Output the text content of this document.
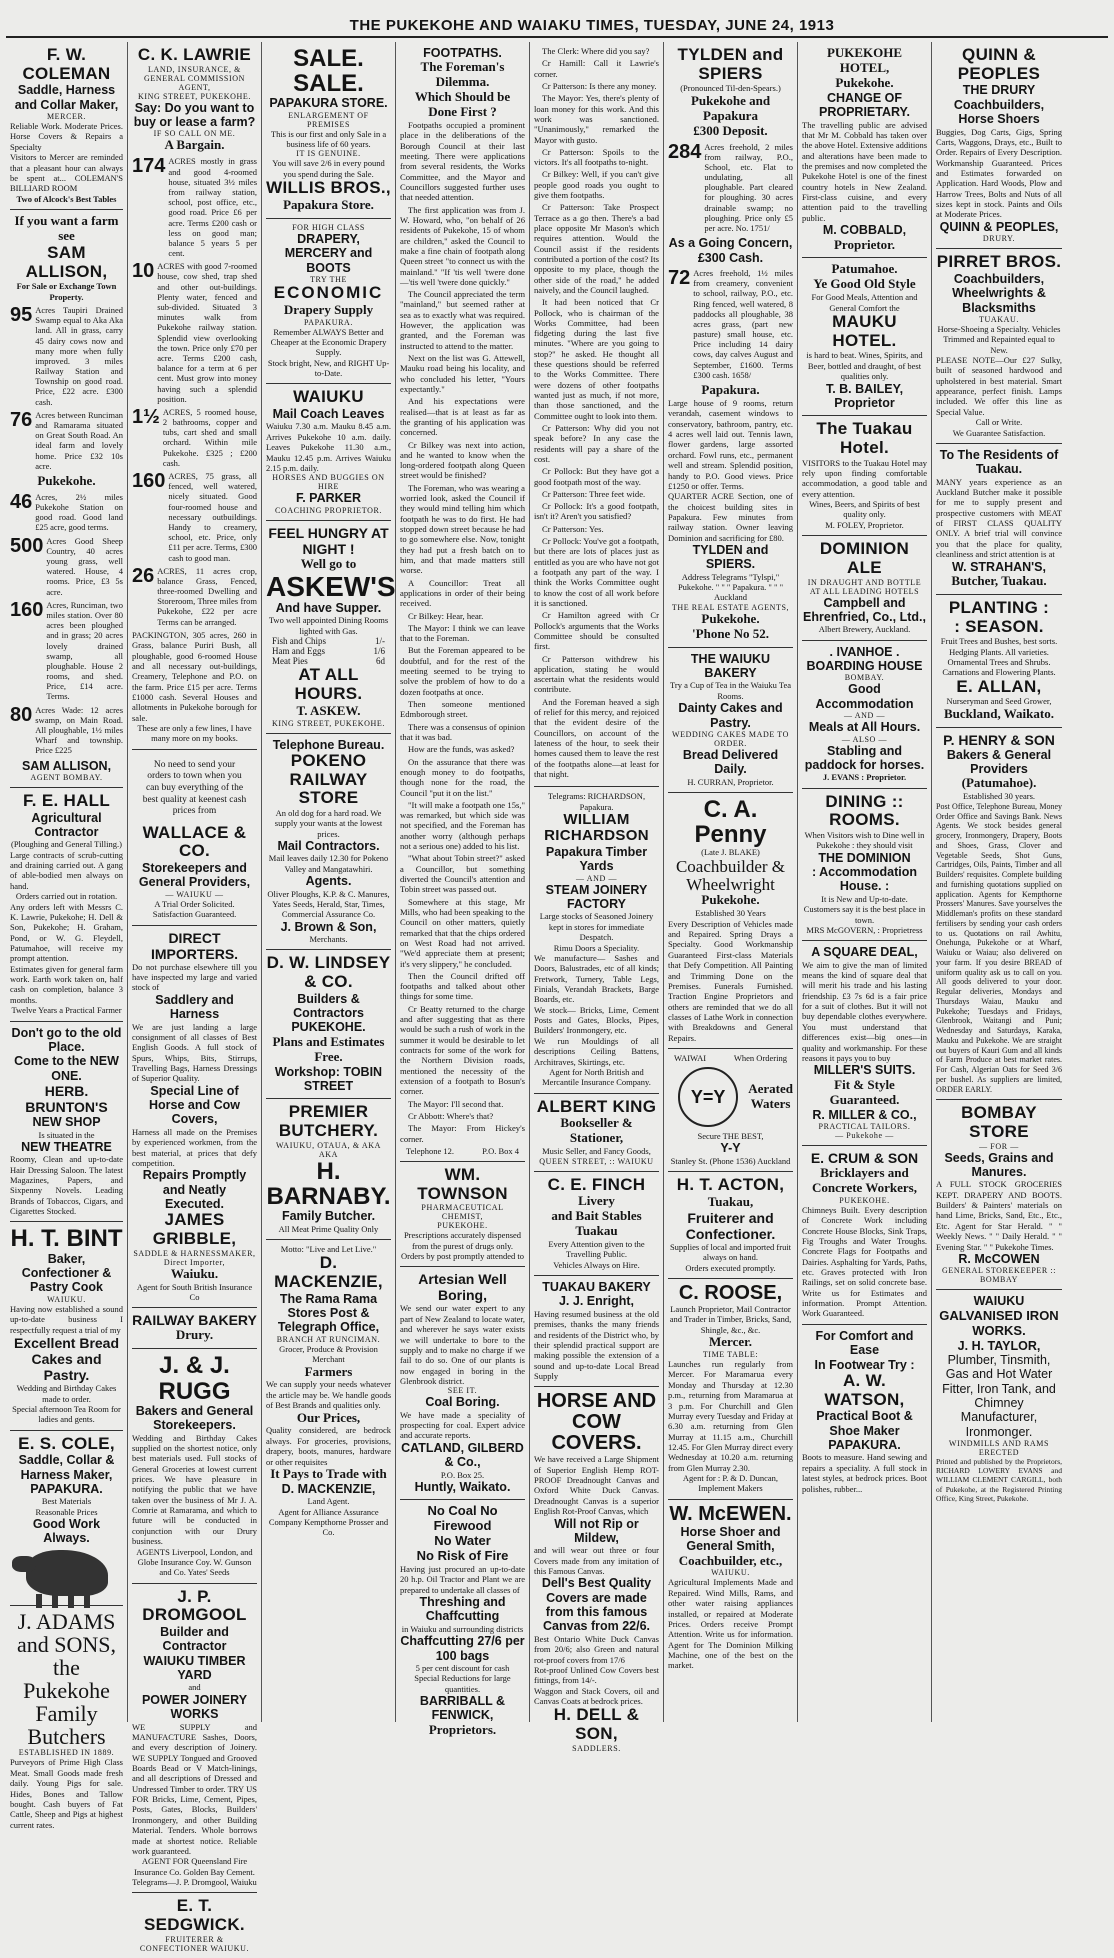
THE PUKEKOHE AND WAIAKU TIMES, TUESDAY, JUNE 24, 1913
F. W. COLEMAN
Saddle, Harness and Collar Maker,
MERCER.
Reliable Work. Moderate Prices. Horse Covers & Repairs a Specialty
Visitors to Mercer are reminded that a pleasant hour can always be spent at... COLEMAN'S BILLIARD ROOM
Two of Alcock's Best Tables
If you want a farm see
SAM ALLISON,
For Sale or Exchange Town Property.
95 Acres Taupiri Drained Swamp equal to Aka Aka land. All in grass, carry 45 dairy cows now and many more when fully improved. 3 miles Railway Station and Township on good road. Price, £22 acre. £300 cash.
76 Acres between Runciman and Ramarama situated on Great South Road. An ideal farm and lovely home. Price £32 10s acre.
Pukekohe.
46 Acres, 2½ miles Pukekohe Station on good road. Good land £25 acre, good terms.
500 Acres Good Sheep Country, 40 acres young grass, well watered. House, 4 rooms. Price, £3 5s acre.
160 Acres, Runciman, two miles station. Over 80 acres been ploughed and in grass; 20 acres lovely drained swamp, all ploughable. House 2 rooms, and shed. Price, £14 acre. Terms.
80 Acres Wade: 12 acres swamp, on Main Road. All ploughable, 1½ miles Wharf and township. Price £225
SAM ALLISON,
AGENT BOMBAY.
F. E. HALL
Agricultural Contractor
(Ploughing and General Tilling.)
Large contracts of scrub-cutting and draining carried out. A gang of able-bodied men always on hand.
Orders carried out in rotation.
Any orders left with Messrs C. K. Lawrie, Pukekohe; H. Dell & Son, Pukekohe; H. Graham, Pond, or W. G. Fleydell, Patumahoe, will receive my prompt attention.
Estimates given for general farm work. Earth work taken on, half cash on completion, balance 3 months.
Twelve Years a Practical Farmer
Don't go to the old Place.
Come to the NEW ONE.
HERB. BRUNTON'S
NEW SHOP
Is situated in the
NEW THEATRE
Roomy, Clean and up-to-date Hair Dressing Saloon. The latest Magazines, Papers, and Sixpenny Novels. Leading Brands of Tobaccos, Cigars, and Cigarettes Stocked.
H. T. BINT
Baker, Confectioner & Pastry Cook
WAIUKU.
Having now established a sound up-to-date business I respectfully request a trial of my
Excellent Bread Cakes and Pastry.
Wedding and Birthday Cakes made to order.
Special afternoon Tea Room for ladies and gents.
E. S. COLE,
Saddle, Collar & Harness Maker,
PAPAKURA.
Best Materials
Reasonable Prices
Good Work Always.
J. ADAMS
and SONS,
the Pukekohe
Family Butchers
ESTABLISHED IN 1889.
Purveyors of Prime High Class Meat. Small Goods made fresh daily. Young Pigs for sale. Hides, Bones and Tallow bought. Cash buyers of Fat Cattle, Sheep and Pigs at highest current rates.
C. K. LAWRIE
LAND, INSURANCE, & GENERAL COMMISSION AGENT,
KING STREET, PUKEKOHE.
Say: Do you want to buy or lease a farm?
IF SO CALL ON ME.
A Bargain.
174 ACRES mostly in grass and good 4-roomed house, situated 3½ miles from railway station, school, post office, etc., good road. Price £6 per acre. Terms £200 cash or less on good man; balance 5 years 5 per cent.
10 ACRES with good 7-roomed house, cow shed, trap shed and other out-buildings. Plenty water, fenced and sub-divided. Situated 3 minutes walk from Pukekohe railway station. Splendid view overlooking the town. Price only £70 per acre. Terms £200 cash, balance for a term at 6 per cent. Must grow into money having such a splendid position.
1½ ACRES, 5 roomed house, 2 bathrooms, copper and tubs, cart shed and small orchard. Within mile Pukekohe. £325 ; £200 cash.
160 ACRES, 75 grass, all fenced, well watered, nicely situated. Good four-roomed house and necessary outbuildings. Handy to creamery, school, etc. Price, only £11 per acre. Terms, £300 cash to good man.
26 ACRES, 11 acres crop, balance Grass, Fenced, three-roomed Dwelling and Storeroom, Three miles from Pukekohe, £22 per acre Terms can be arranged.
PACKINGTON, 305 acres, 260 in Grass, balance Puriri Bush, all ploughable, good 6-roomed House and all necessary out-buildings, Creamery, Telephone and P.O. on the farm. Price £15 per acre. Terms £1000 cash. Several Houses and allotments in Pukekohe borough for sale.
These are only a few lines, I have many more on my books.
No need to send your orders to town when you can buy everything of the best quality at keenest cash prices from
WALLACE & CO.
Storekeepers and General Providers,
— WAIUKU —
A Trial Order Solicited.
Satisfaction Guaranteed.
DIRECT IMPORTERS.
Do not purchase elsewhere till you have inspected my large and varied stock of
Saddlery and Harness
We are just landing a large consignment of all classes of Best English Goods. A full stock of Spurs, Whips, Bits, Stirrups, Travelling Bags, Harness Dressings of Superior Quality.
Special Line of Horse and Cow Covers,
Harness all made on the Premises by experienced workmen, from the best material, at prices that defy competition.
Repairs Promptly and Neatly Executed.
JAMES GRIBBLE,
SADDLE & HARNESSMAKER, Direct Importer,
Waiuku.
Agent for South British Insurance Co
RAILWAY BAKERY
Drury.
J. & J. RUGG
Bakers and General Storekeepers.
Wedding and Birthday Cakes supplied on the shortest notice, only best materials used. Full stocks of General Groceries at lowest current prices. We have pleasure in notifying the public that we have taken over the business of Mr J. A. Comrie at Ramarama, and which to future will be conducted in conjunction with our Drury business.
AGENTS Liverpool, London, and Globe Insurance Coy. W. Gunson and Co. Yates' Seeds
J. P. DROMGOOL
Builder and Contractor
WAIUKU TIMBER YARD
and
POWER JOINERY WORKS
WE SUPPLY and MANUFACTURE Sashes, Doors, and every description of Joinery. WE SUPPLY Tongued and Grooved Boards Bead or V Match-linings, and all descriptions of Dressed and Undressed Timber to order. TRY US FOR Bricks, Lime, Cement, Pipes, Posts, Gates, Blocks, Builders' Ironmongery, and other Building Material. Tenders. Whole borrows made at shortest notice. Reliable work guaranteed.
AGENT FOR Queensland Fire Insurance Co. Golden Bay Cement.
Telegrams—J. P. Dromgool, Waiuku
E. T. SEDGWICK.
FRUITERER & CONFECTIONER WAIUKU.
SALE. SALE.
PAPAKURA STORE.
ENLARGEMENT OF PREMISES
This is our first and only Sale in a business life of 60 years.
IT IS GENUINE.
You will save 2/6 in every pound you spend during the Sale.
WILLIS BROS.,
Papakura Store.
FOR HIGH CLASS
DRAPERY, MERCERY and BOOTS
TRY THE
ECONOMIC
Drapery Supply
PAPAKURA.
Remember ALWAYS Better and Cheaper at the Economic Drapery Supply.
Stock bright, New, and RIGHT Up-to-Date.
WAIUKU
Mail Coach Leaves
Waiuku 7.30 a.m. Mauku 8.45 a.m. Arrives Pukekohe 10 a.m. daily. Leaves Pukekohe 11.30 a.m., Mauku 12.45 p.m. Arrives Waiuku 2.15 p.m. daily.
HORSES AND BUGGIES ON HIRE
F. PARKER
COACHING PROPRIETOR.
FEEL HUNGRY AT NIGHT !
Well go to
ASKEW'S
And have Supper.
Two well appointed Dining Rooms lighted with Gas.
Fish and Chips	1/-
Ham and Eggs	1/6
Meat Pies	6d
AT ALL HOURS.
T. ASKEW.
KING STREET, PUKEKOHE.
Telephone Bureau.
POKENO
RAILWAY STORE
An old dog for a hard road. We supply your wants at the lowest prices.
Mail Contractors.
Mail leaves daily 12.30 for Pokeno Valley and Mangatawhiri.
Agents.
Oliver Ploughs, K.P. & C. Manures, Yates Seeds, Herald, Star, Times, Commercial Assurance Co.
J. Brown & Son,
Merchants.
D. W. LINDSEY & CO.
Builders & Contractors
PUKEKOHE.
Plans and Estimates Free.
Workshop: TOBIN STREET
PREMIER BUTCHERY.
WAIUKU, OTAUA, & AKA AKA
H. BARNABY.
Family Butcher.
All Meat Prime Quality Only
Motto: "Live and Let Live."
D. MACKENZIE,
The Rama Rama Stores Post & Telegraph Office,
BRANCH AT RUNCIMAN.
Grocer, Produce & Provision Merchant
Farmers
We can supply your needs whatever the article may be. We handle goods of Best Brands and qualities only.
Our Prices,
Quality considered, are bedrock always. For groceries, provisions, drapery, boots, manures, hardware or other requisites
It Pays to Trade with
D. MACKENZIE,
Land Agent.
Agent for Alliance Assurance Company Kempthorne Prosser and Co.
FOOTPATHS.
The Foreman's Dilemma.
Which Should be Done First ?

Footpaths occupied a prominent place in the deliberations of the Borough Council at their last meeting. There were applications from several residents, the Works Committee, and the Mayor and Councillors suggested further uses that needed attention.

The first application was from J. W. Howard, who, "on behalf of 26 residents of Pukekohe, 15 of whom are children," asked the Council to make a fine chain of footpath along Queen street "to connect us with the mainland." "If 'tis well 'twere done—'tis well 'twere done quickly."

The Council appreciated the term "mainland," but seemed rather at sea as to exactly what was required. However, the application was granted, and the Foreman was instructed to attend to the matter.

Next on the list was G. Attewell, Mauku road being his locality, and who concluded his letter, "Yours expectantly."

And his expectations were realised—that is at least as far as the granting of his application was concerned.

Cr Bilkey was next into action, and he wanted to know when the long-ordered footpath along Queen street would be finished?

The Foreman, who was wearing a worried look, asked the Council if they would mind telling him which footpath he was to do first. He had stopped down street because he had to go somewhere else. Now, tonight they had put a fresh batch on to him, and that made matters still worse.

A Councillor: Treat all applications in order of their being received.

Cr Bilkey: Hear, hear.

The Mayor: I think we can leave that to the Foreman.

But the Foreman appeared to be doubtful, and for the rest of the meeting seemed to be trying to solve the problem of how to do a dozen footpaths at once.

Then someone mentioned Edmborough street.

There was a consensus of opinion that it was bad.

How are the funds, was asked?

On the assurance that there was enough money to do footpaths, though none for the road, the Council "put it on the list."

"It will make a footpath one 15s," was remarked, but which side was not specified, and the Foreman has another worry (although perhaps not a serious one) added to his list.

"What about Tobin street?" asked a Councillor, but something diverted the Council's attention and Tobin street was passed out.

Somewhere at this stage, Mr Mills, who had been speaking to the Council on other matters, quietly remarked that that the chips ordered on West Road had not arrived. "We'd appreciate them at present; it's very slippery," he concluded.

Then the Council drifted off footpaths and talked about other things for some time.

Cr Beatty returned to the charge and after suggesting that as there would be such a rush of work in the summer it would be desirable to let contracts for some of the work for the Northern Division roads, mentioned the necessity of the extension of a footpath to Bosun's corner.

The Mayor: I'll second that.

Cr Abbott: Where's that?

The Mayor: From Hickey's corner.

Telephone 12.	P.O. Box 4
WM. TOWNSON
PHARMACEUTICAL CHEMIST,
PUKEKOHE.
Prescriptions accurately dispensed from the purest of drugs only.
Orders by post promptly attended to
Artesian Well Boring,
We send our water expert to any part of New Zealand to locate water, and wherever he says water exists we will undertake to bore to the supply and to make no charge if we fail to do so. One of our plants is now engaged in boring in the Glenbrook district.
SEE IT.
Coal Boring.
We have made a speciality of prospecting for coal. Expert advice and accurate reports.
CATLAND, GILBERD & Co.,
P.O. Box 25.
Huntly, Waikato.
No Coal No Firewood
No Water
No Risk of Fire
Having just procured an up-to-date 20 h.p. Oil Tractor and Plant we are prepared to undertake all classes of
Threshing and Chaffcutting
in Waiuku and surrounding districts
Chaffcutting 27/6 per 100 bags
5 per cent discount for cash
Special Reductions for large quantities.
BARRIBALL & FENWICK,
Proprietors.

The Clerk: Where did you say?

Cr Hamill: Call it Lawrie's corner.

Cr Patterson: Is there any money.

The Mayor: Yes, there's plenty of loan money for this work. And this work was sanctioned. "Unanimously," remarked the Mayor with gusto.

Cr Patterson: Spoils to the victors. It's all footpaths to-night.

Cr Bilkey: Well, if you can't give people good roads you ought to give them footpaths.

Cr Patterson: Take Prospect Terrace as a go then. There's a bad place opposite Mr Mason's which requires attention. Would the Council assist if the residents contributed a portion of the cost? Its opposite to my place, though the other side of the road," he added naively, and the Council laughed.

It had been noticed that Cr Pollock, who is chairman of the Works Committee, had been fidgeting during the last five minutes. "Where are you going to stop?" he asked. He thought all these questions should be referred to the Works Committee. There were dozens of other footpaths wanted just as much, if not more, than those sanctioned, and the Committee ought to look into them.

Cr Patterson: Why did you not speak before? In any case the residents will pay a share of the cost.

Cr Pollock: But they have got a good footpath most of the way.

Cr Patterson: Three feet wide.

Cr Pollock: It's a good footpath, isn't it? Aren't you satisfied?

Cr Patterson: Yes.

Cr Pollock: You've got a footpath, but there are lots of places just as entitled as you are who have not got a footpath any part of the way. I think the Works Committee ought to know the cost of all work before it is sanctioned.

Cr Hamilton agreed with Cr Pollock's arguments that the Works Committee should be consulted first.

Cr Patterson withdrew his application, stating he would ascertain what the residents would contribute.

And the Foreman heaved a sigh of relief for this mercy, and rejoiced that the evident desire of the Councillors, on account of the lateness of the hour, to seek their homes caused them to leave the rest of the footpaths alone—at least for that night.

Telegrams: RICHARDSON, Papakura.
WILLIAM RICHARDSON
Papakura Timber Yards
— AND —
STEAM JOINERY FACTORY
Large stocks of Seasoned Joinery kept in stores for immediate Despatch.
Rimu Doors a Speciality.
We manufacture— Sashes and Doors, Balustrades, etc of all kinds; Fretwork, Turnery, Table Legs, Finials, Verandah Brackets, Barge Boards, etc.
We stock— Bricks, Lime, Cement Posts and Gates, Blocks, Pipes, Builders' Ironmongery, etc.
We run Mouldings of all descriptions Ceiling Battens, Architraves, Skirtings, etc.
Agent for North British and Mercantile Insurance Company.
ALBERT KING
Bookseller & Stationer,
Music Seller, and Fancy Goods,
QUEEN STREET, :: WAIUKU
C. E. FINCH
Livery
and Bait Stables
Tuakau
Every Attention given to the Travelling Public.
Vehicles Always on Hire.
TUAKAU BAKERY
J. J. Enright,
Having resumed business at the old premises, thanks the many friends and residents of the District who, by their splendid practical support are making possible the extension of a sound and up-to-date Local Bread Supply
HORSE AND COW COVERS.
We have received a Large Shipment of Superior English Hemp ROT-PROOF Dreadnought Canvas and Oxford White Duck Canvas. Dreadnought Canvas is a superior English Rot-Proof Canvas, which
Will not Rip or Mildew,
and will wear out three or four Covers made from any imitation of this Famous Canvas.
Dell's Best Quality Covers are made from this famous Canvas from 22/6.
Best Ontario White Duck Canvas from 20/6; also Green and natural rot-proof covers from 17/6
Rot-proof Unlined Cow Covers best fittings, from 14/-.
Waggon and Stack Covers, oil and Canvas Coats at bedrock prices.
H. DELL & SON,
SADDLERS.
TYLDEN and SPIERS
(Pronounced Til-den-Spears.)
Pukekohe and Papakura
£300 Deposit.
284 Acres freehold, 2 miles from railway, P.O., School, etc. Flat to undulating, all ploughable. Part cleared for ploughing. 30 acres drainable swamp; no ploughing. Price only £5 per acre. No. 1751/
As a Going Concern, £300 Cash.
72 Acres freehold, 1½ miles from creamery, convenient to school, railway, P.O., etc. Ring fenced, well watered, 8 paddocks all ploughable, 38 acres grass, (part new pasture) small house, etc. Price including 14 dairy cows, day calves August and September, £1600. Terms £300 cash. 1658/
Papakura.
Large house of 9 rooms, return verandah, casement windows to conservatory, bathroom, pantry, etc. 4 acres well laid out. Tennis lawn, flower gardens, large assorted orchard. Fowl runs, etc., permanent well and stream. Splendid position, handy to P.O. Good views. Price £1250 or offer. Terms.
QUARTER ACRE Section, one of the choicest building sites in Papakura. Few minutes from railway station. Owner leaving Dominion and sacrificing for £80.
TYLDEN and SPIERS.
Address Telegrams "Tylspi," Pukekohe. " " " Papakura. " " " Auckland
THE REAL ESTATE AGENTS,
Pukekohe.
'Phone No 52.
THE WAIUKU BAKERY
Try a Cup of Tea in the Waiuku Tea Rooms.
Dainty Cakes and Pastry.
WEDDING CAKES MADE TO ORDER.
Bread Delivered Daily.
H. CURRAN, Proprietor.
C. A. Penny
(Late J. BLAKE)
Coachbuilder & Wheelwright
Pukekohe.
Established 30 Years
Every Description of Vehicles made and Repaired. Spring Drays a Specialty. Good Workmanship Guaranteed First-class Materials that Defy Competition. All Painting and Trimming Done on the Premises. Funerals Furnished. Traction Engine Proprietors and others are reminded that we do all classes of Lathe Work in connection with Breakdowns and General Repairs.
WAIWAI	When Ordering
Y=Y	Aerated
Waters
Secure THE BEST,
Y-Y
Stanley St. (Phone 1536) Auckland
H. T. ACTON,
Tuakau,
Fruiterer and Confectioner.
Supplies of local and imported fruit always on hand.
Orders executed promptly.
C. ROOSE,
Launch Proprietor, Mail Contractor and Trader in Timber, Bricks, Sand, Shingle, &c., &c.
Mercer.
TIME TABLE:
Launches run regularly from Mercer. For Maramarua every Monday and Thursday at 12.30 p.m., returning from Maramarua at 3 p.m. For Churchill and Glen Murray every Tuesday and Friday at 6.30 a.m. returning from Glen Murray at 11.15 a.m., Churchill 12.45. For Glen Murray direct every Wednesday at 10.20 a.m. returning from Glen Murray 2.30.
Agent for : P. & D. Duncan, Implement Makers
W. McEWEN.
Horse Shoer and General Smith,
Coachbuilder, etc.,
WAIUKU.
Agricultural Implements Made and Repaired. Wind Mills, Rams, and other water raising appliances installed, or repaired at Moderate Prices. Orders receive Prompt Attention. Write us for information. Agent for The Dominion Milking Machine, one of the best on the market.
PUKEKOHE HOTEL,
Pukekohe.
CHANGE OF PROPRIETARY.
The travelling public are advised that Mr M. Cobbald has taken over the above Hotel. Extensive additions and alterations have been made to the premises and now completed the Pukekohe Hotel is one of the finest country hotels in New Zealand. First-class cuisine, and every attention paid to the travelling public.
M. COBBALD,
Proprietor.
Patumahoe.
Ye Good Old Style
For Good Meals, Attention and General Comfort the
MAUKU HOTEL.
is hard to beat. Wines, Spirits, and Beer, bottled and draught, of best qualities only.
T. B. BAILEY, Proprietor
The Tuakau Hotel.
VISITORS to the Tuakau Hotel may rely upon finding comfortable accommodation, a good table and every attention.
Wines, Beers, and Spirits of best quality only.
M. FOLEY, Proprietor.
DOMINION ALE
IN DRAUGHT AND BOTTLE
AT ALL LEADING HOTELS
Campbell and Ehrenfried, Co., Ltd.,
Albert Brewery, Auckland.
. IVANHOE .
BOARDING HOUSE
BOMBAY.
Good Accommodation
— AND —
Meals at All Hours.
— ALSO —
Stabling and paddock for horses.
J. EVANS : Proprietor.
DINING :: ROOMS.
When Visitors wish to Dine well in Pukekohe : they should visit
THE DOMINION
: Accommodation House. :
It is New and Up-to-date. Customers say it is the best place in town.
MRS McGOVERN, : Proprietress
A SQUARE DEAL,
We aim to give the man of limited means the kind of square deal that will merit his trade and his lasting friendship. £3 7s 6d is a fair price for a suit of clothes. But it will not buy dependable clothes everywhere. You must understand that differences exist—big ones—in quality and workmanship. For these reasons it pays you to buy
MILLER'S SUITS.
Fit & Style Guaranteed.
R. MILLER & CO.,
PRACTICAL TAILORS.
— Pukekohe —
E. CRUM & SON
Bricklayers and Concrete Workers,
PUKEKOHE.
Chimneys Built. Every description of Concrete Work including Concrete House Blocks, Sink Traps, Fig Troughs and Water Troughs. Concrete Flags for Footpaths and Dairies. Asphalting for Yards, Paths, etc. Graves protected with Iron Railings, set on solid concrete base. Write us for Estimates and information. Prompt Attention. Work Guaranteed.
For Comfort and Ease
In Footwear Try :
A. W. WATSON,
Practical Boot & Shoe Maker
PAPAKURA.
Boots to measure. Hand sewing and repairs a speciality. A full stock in latest styles, at bedrock prices. Boot polishes, rubber...
QUINN & PEOPLES
THE DRURY
Coachbuilders, Horse Shoers
Buggies, Dog Carts, Gigs, Spring Carts, Waggons, Drays, etc., Built to Order. Repairs of Every Description. Workmanship Guaranteed. Prices and Estimates forwarded on Application. Hard Woods, Plow and Harrow Trees, Bolts and Nuts of all sizes kept in stock. Paints and Oils at Moderate Prices.
QUINN & PEOPLES,
DRURY.
PIRRET BROS.
Coachbuilders,
Wheelwrights & Blacksmiths
TUAKAU.
Horse-Shoeing a Specialty. Vehicles Trimmed and Repainted equal to New.
PLEASE NOTE—Our £27 Sulky, built of seasoned hardwood and upholstered in best material. Smart appearance, perfect finish. Lamps included. We offer this line as Special Value.
Call or Write.
We Guarantee Satisfaction.
To The Residents of Tuakau.
MANY years experience as an Auckland Butcher make it possible for me to supply present and prospective customers with MEAT of FIRST CLASS QUALITY ONLY. A brief trial will convince you that the place for quality, cleanliness and strict attention is at
W. STRAHAN'S,
Butcher, Tuakau.
PLANTING :
: SEASON.
Fruit Trees and Bushes, best sorts. Hedging Plants. All varieties. Ornamental Trees and Shrubs. Carnations and Flowering Plants.
E. ALLAN,
Nurseryman and Seed Grower,
Buckland, Waikato.
P. HENRY & SON
Bakers & General Providers
(Patumahoe).
Established 30 years.
Post Office, Telephone Bureau, Money Order Office and Savings Bank. News Agents. We stock besides general grocery, Ironmongery, Drapery, Boots and Shoes, Grass, Clover and Vegetable Seeds, Shot Guns, Cartridges, Oils, Paints, Timber and all Builders' requisites. Complete building and furnishing quotations supplied on application. Agents for Kempthorne Prossers' Manures. Save yourselves the Middleman's profits on these standard fertilisers by sending your cash orders to us. Quotations on rail Awhitu, Onehunga, Pukekohe or at Wharf, Waiuku or Waiau; also delivered on your farm. If you desire BREAD of uniform quality ask us to call on you. All goods delivered to your door. Regular deliveries, Mondays and Thursdays Waiau, Mauku and Pukekohe; Tuesdays and Fridays, Glenbrook, Waitangi and Puni; Wednesday and Saturdays, Karaka, Mauku and Pukekohe. We are straight out buyers of Kauri Gum and all kinds of Farm Produce at best market rates. For Cash, Algerian Oats for Seed 3/6 per bushel. As suppliers are limited, ORDER EARLY.
BOMBAY STORE
— FOR —
Seeds, Grains and Manures.
A FULL STOCK GROCERIES KEPT. DRAPERY AND BOOTS. Builders' & Painters' materials on hand Lime, Bricks, Sand, Etc., Etc., Etc. Agent for Star Herald. " " Weekly News. " " Daily Herald. " " Evening Star. " " Pukekohe Times.
R. McCOWEN
GENERAL STOREKEEPER :: BOMBAY
WAIUKU
GALVANISED IRON WORKS.
J. H. TAYLOR,
Plumber, Tinsmith, Gas and Hot Water Fitter, Iron Tank, and Chimney Manufacturer, Ironmonger.
WINDMILLS AND RAMS ERECTED
Printed and published by the Proprietors, RICHARD LOWERY EVANS and WILLIAM CLEMENT CARGILL, both of Pukekohe, at the Registered Printing Office, King Street, Pukekohe.
